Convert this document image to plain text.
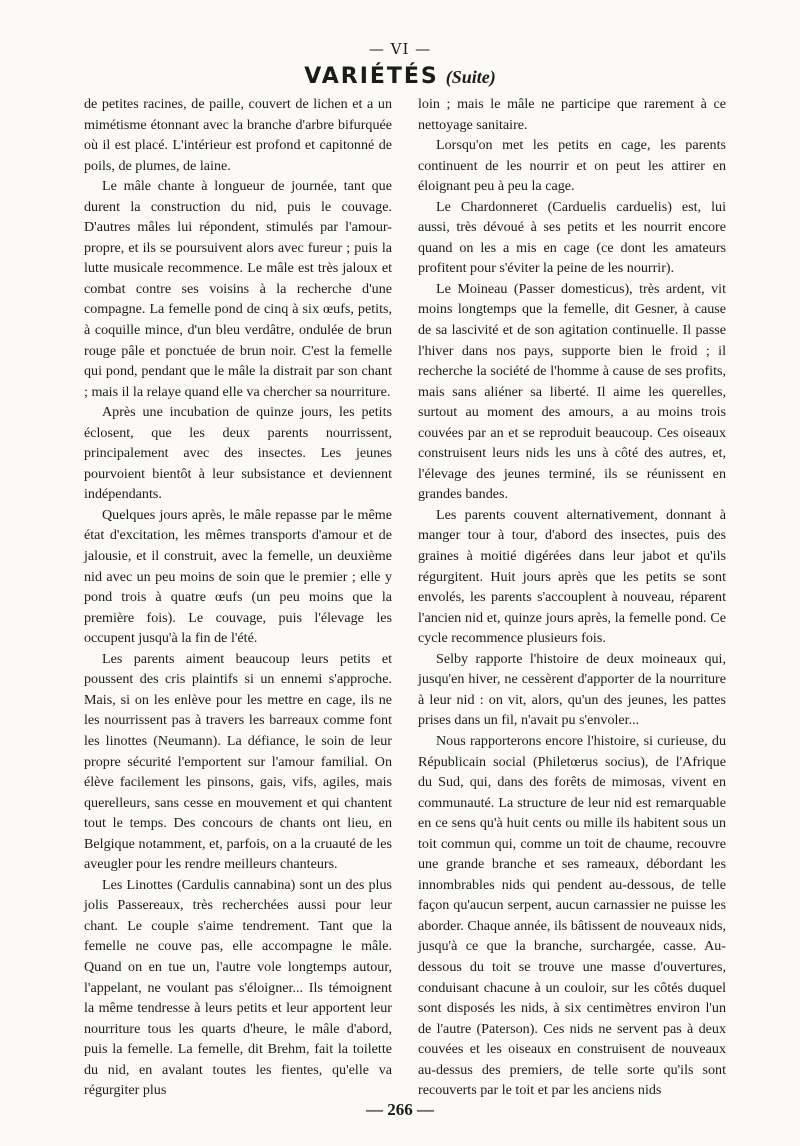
— VI —
VARIÉTÉS (Suite)

de petites racines, de paille, couvert de lichen et a un mimétisme étonnant avec la branche d'arbre bifurquée où il est placé. L'intérieur est profond et capitonné de poils, de plumes, de laine.

Le mâle chante à longueur de journée, tant que durent la construction du nid, puis le couvage. D'autres mâles lui répondent, stimulés par l'amour-propre, et ils se poursuivent alors avec fureur ; puis la lutte musicale recommence. Le mâle est très jaloux et combat contre ses voisins à la recherche d'une compagne. La femelle pond de cinq à six œufs, petits, à coquille mince, d'un bleu verdâtre, ondulée de brun rouge pâle et ponctuée de brun noir. C'est la femelle qui pond, pendant que le mâle la distrait par son chant ; mais il la relaye quand elle va chercher sa nourriture.

Après une incubation de quinze jours, les petits éclosent, que les deux parents nourrissent, principalement avec des insectes. Les jeunes pourvoient bientôt à leur subsistance et deviennent indépendants.

Quelques jours après, le mâle repasse par le même état d'excitation, les mêmes transports d'amour et de jalousie, et il construit, avec la femelle, un deuxième nid avec un peu moins de soin que le premier ; elle y pond trois à quatre œufs (un peu moins que la première fois). Le couvage, puis l'élevage les occupent jusqu'à la fin de l'été.

Les parents aiment beaucoup leurs petits et poussent des cris plaintifs si un ennemi s'approche. Mais, si on les enlève pour les mettre en cage, ils ne les nourrissent pas à travers les barreaux comme font les linottes (Neumann). La défiance, le soin de leur propre sécurité l'emportent sur l'amour familial. On élève facilement les pinsons, gais, vifs, agiles, mais querelleurs, sans cesse en mouvement et qui chantent tout le temps. Des concours de chants ont lieu, en Belgique notamment, et, parfois, on a la cruauté de les aveugler pour les rendre meilleurs chanteurs.

Les Linottes (Cardulis cannabina) sont un des plus jolis Passereaux, très recherchées aussi pour leur chant. Le couple s'aime tendrement. Tant que la femelle ne couve pas, elle accompagne le mâle. Quand on en tue un, l'autre vole longtemps autour, l'appelant, ne voulant pas s'éloigner... Ils témoignent la même tendresse à leurs petits et leur apportent leur nourriture tous les quarts d'heure, le mâle d'abord, puis la femelle. La femelle, dit Brehm, fait la toilette du nid, en avalant toutes les fientes, qu'elle va régurgiter plus

loin ; mais le mâle ne participe que rarement à ce nettoyage sanitaire.

Lorsqu'on met les petits en cage, les parents continuent de les nourrir et on peut les attirer en éloignant peu à peu la cage.

Le Chardonneret (Carduelis carduelis) est, lui aussi, très dévoué à ses petits et les nourrit encore quand on les a mis en cage (ce dont les amateurs profitent pour s'éviter la peine de les nourrir).

Le Moineau (Passer domesticus), très ardent, vit moins longtemps que la femelle, dit Gesner, à cause de sa lascivité et de son agitation continuelle. Il passe l'hiver dans nos pays, supporte bien le froid ; il recherche la société de l'homme à cause de ses profits, mais sans aliéner sa liberté. Il aime les querelles, surtout au moment des amours, a au moins trois couvées par an et se reproduit beaucoup. Ces oiseaux construisent leurs nids les uns à côté des autres, et, l'élevage des jeunes terminé, ils se réunissent en grandes bandes.

Les parents couvent alternativement, donnant à manger tour à tour, d'abord des insectes, puis des graines à moitié digérées dans leur jabot et qu'ils régurgitent. Huit jours après que les petits se sont envolés, les parents s'accouplent à nouveau, réparent l'ancien nid et, quinze jours après, la femelle pond. Ce cycle recommence plusieurs fois.

Selby rapporte l'histoire de deux moineaux qui, jusqu'en hiver, ne cessèrent d'apporter de la nourriture à leur nid : on vit, alors, qu'un des jeunes, les pattes prises dans un fil, n'avait pu s'envoler...

Nous rapporterons encore l'histoire, si curieuse, du Républicain social (Philetœrus socius), de l'Afrique du Sud, qui, dans des forêts de mimosas, vivent en communauté. La structure de leur nid est remarquable en ce sens qu'à huit cents ou mille ils habitent sous un toit commun qui, comme un toit de chaume, recouvre une grande branche et ses rameaux, débordant les innombrables nids qui pendent au-dessous, de telle façon qu'aucun serpent, aucun carnassier ne puisse les aborder. Chaque année, ils bâtissent de nouveaux nids, jusqu'à ce que la branche, surchargée, casse. Au-dessous du toit se trouve une masse d'ouvertures, conduisant chacune à un couloir, sur les côtés duquel sont disposés les nids, à six centimètres environ l'un de l'autre (Paterson). Ces nids ne servent pas à deux couvées et les oiseaux en construisent de nouveaux au-dessus des premiers, de telle sorte qu'ils sont recouverts par le toit et par les anciens nids

— 266 —
